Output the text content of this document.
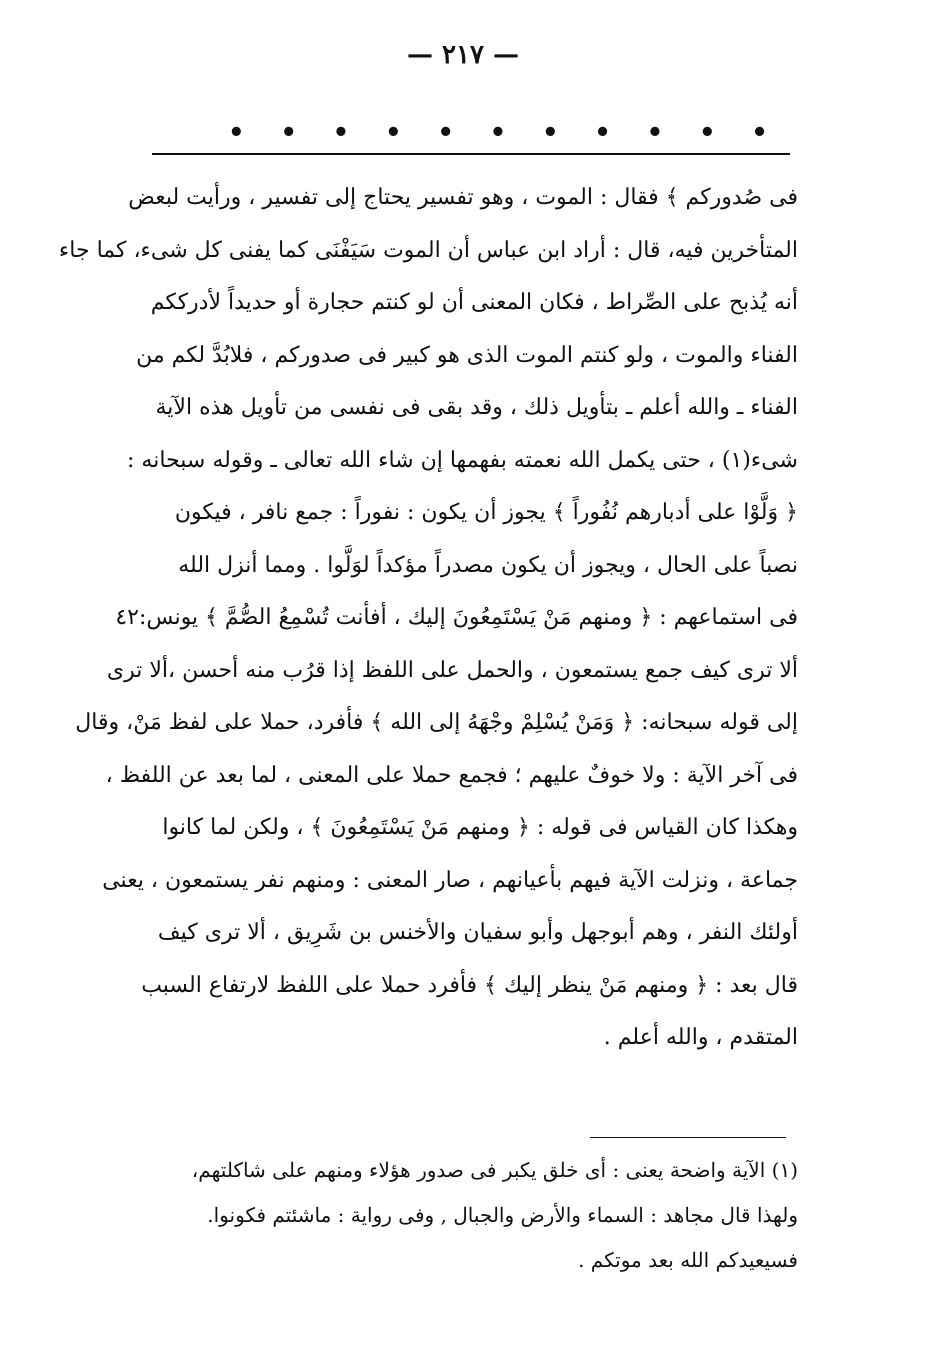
— ٢١٧ —
• • • • • • • • • • •
فى صُدوركم ﴾ فقال : الموت ، وهو تفسير يحتاج إلى تفسير ، ورأيت لبعض
المتأخرين فيه، قال : أراد ابن عباس أن الموت سَيَفْنَى كما يفنى كل شىء، كما جاء
أنه يُذبح على الصِّراط ، فكان المعنى أن لو كنتم حجارة أو حديداً لأدرككم
الفناء والموت ، ولو كنتم الموت الذى هو كبير فى صدوركم ، فلابُدَّ لكم من
الفناء ـ والله أعلم ـ بتأويل ذلك ، وقد بقى فى نفسى من تأويل هذه الآية
شىء(١) ، حتى يكمل الله نعمته بفهمها إن شاء الله تعالى ـ وقوله سبحانه :
﴿ وَلَّوْا على أدبارهم نُفُوراً ﴾ يجوز أن يكون : نفوراً : جمع نافر ، فيكون
نصباً على الحال ، ويجوز أن يكون مصدراً مؤكداً لوَلَّوا . ومما أنزل الله
فى استماعهم : ﴿ ومنهم مَنْ يَسْتَمِعُونَ إليك ، أفأنت تُسْمِعُ الصُّمَّ ﴾ يونس:٤٢
ألا ترى كيف جمع يستمعون ، والحمل على اللفظ إذا قرُب منه أحسن ،ألا ترى
إلى قوله سبحانه: ﴿ وَمَنْ يُسْلِمْ وجْهَهُ إلى الله ﴾ فأفرد، حملا على لفظ مَنْ، وقال
فى آخر الآية : ولا خوفٌ عليهم ؛ فجمع حملا على المعنى ، لما بعد عن اللفظ ،
وهكذا كان القياس فى قوله : ﴿ ومنهم مَنْ يَسْتَمِعُونَ ﴾ ، ولكن لما كانوا
جماعة ، ونزلت الآية فيهم بأعيانهم ، صار المعنى : ومنهم نفر يستمعون ، يعنى
أولئك النفر ، وهم أبوجهل وأبو سفيان والأخنس بن شَرِيق ، ألا ترى كيف
قال بعد : ﴿ ومنهم مَنْ ينظر إليك ﴾ فأفرد حملا على اللفظ لارتفاع السبب
المتقدم ، والله أعلم .
(١) الآية واضحة يعنى : أى خلق يكبر فى صدور هؤلاء ومنهم على شاكلتهم،
ولهذا قال مجاهد : السماء والأرض والجبال , وفى رواية : ماشئتم فكونوا.
فسيعيدكم الله بعد موتكم .
